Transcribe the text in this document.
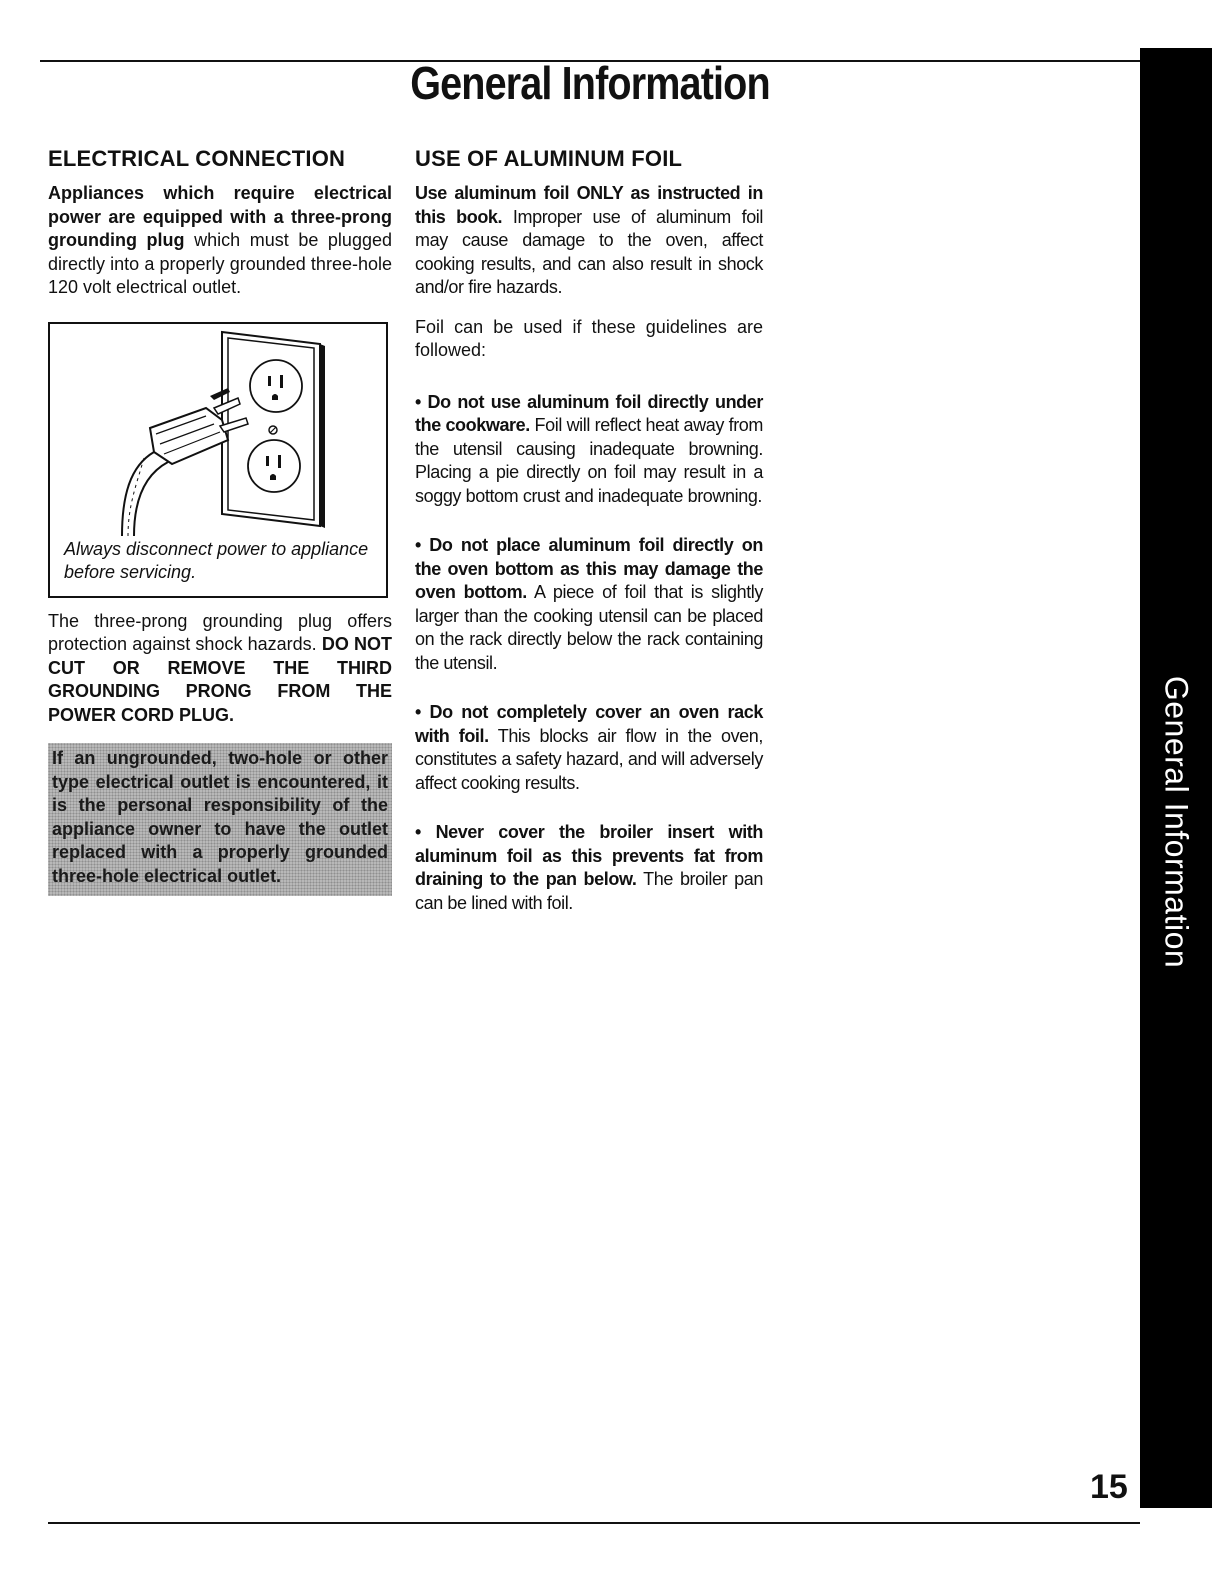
General Information
General Information
ELECTRICAL CONNECTION

Appliances which require electrical power are equipped with a three-prong grounding plug which must be plugged directly into a properly grounded three-hole 120 volt electrical outlet.

Always disconnect power to appliance before servicing.

The three-prong grounding plug offers protection against shock hazards. DO NOT CUT OR REMOVE THE THIRD GROUNDING PRONG FROM THE POWER CORD PLUG.

If an ungrounded, two-hole or other type electrical outlet is encountered, it is the personal responsibility of the appliance owner to have the outlet replaced with a properly grounded three-hole electrical outlet.

USE OF ALUMINUM FOIL

Use aluminum foil ONLY as instructed in this book. Improper use of aluminum foil may cause damage to the oven, affect cooking results, and can also result in shock and/or fire hazards.

Foil can be used if these guidelines are followed:

• Do not use aluminum foil directly under the cookware. Foil will reflect heat away from the utensil causing inadequate browning. Placing a pie directly on foil may result in a soggy bottom crust and inadequate browning.

• Do not place aluminum foil directly on the oven bottom as this may damage the oven bottom. A piece of foil that is slightly larger than the cooking utensil can be placed on the rack directly below the rack containing the utensil.

• Do not completely cover an oven rack with foil. This blocks air flow in the oven, constitutes a safety hazard, and will adversely affect cooking results.

• Never cover the broiler insert with aluminum foil as this prevents fat from draining to the pan below. The broiler pan can be lined with foil.

15
